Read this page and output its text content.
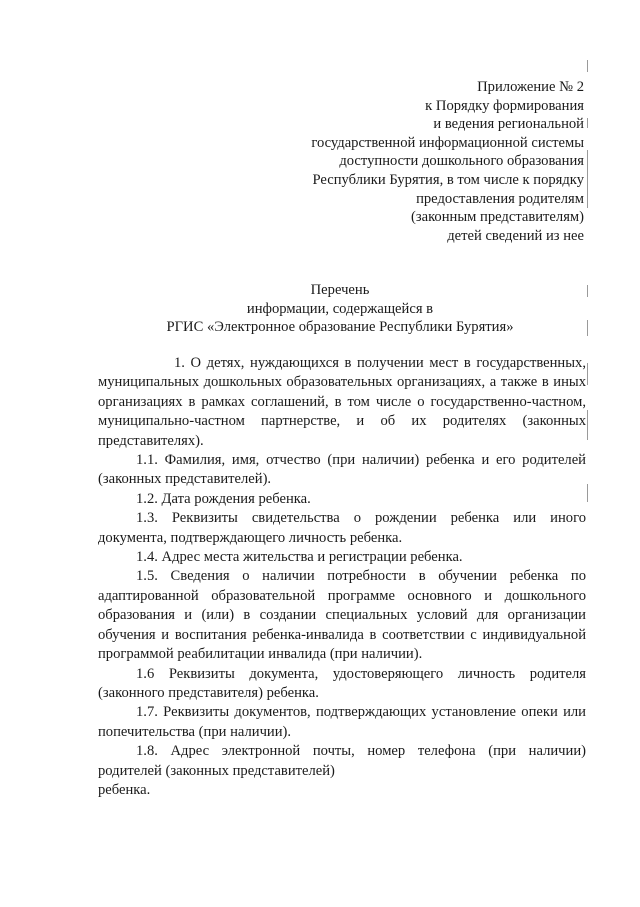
Приложение № 2
к Порядку формирования
и ведения региональной
государственной информационной системы
доступности дошкольного образования
Республики Бурятия, в том числе к порядку
предоставления родителям
(законным представителям)
детей сведений из нее
Перечень
информации, содержащейся в
РГИС «Электронное образование Республики Бурятия»

1. О детях, нуждающихся в получении мест в государственных, муниципальных дошкольных образовательных организациях, а также в иных организациях в рамках соглашений, в том числе о государственно-частном, муниципально-частном партнерстве, и об их родителях (законных представителях).

1.1. Фамилия, имя, отчество (при наличии) ребенка и его родителей (законных представителей).

1.2. Дата рождения ребенка.

1.3. Реквизиты свидетельства о рождении ребенка или иного документа, подтверждающего личность ребенка.

1.4. Адрес места жительства и регистрации ребенка.

1.5. Сведения о наличии потребности в обучении ребенка по адаптированной образовательной программе основного и дошкольного образования и (или) в создании специальных условий для организации обучения и воспитания ребенка-инвалида в соответствии с индивидуальной программой реабилитации инвалида (при наличии).

1.6 Реквизиты документа, удостоверяющего личность родителя (законного представителя) ребенка.

1.7. Реквизиты документов, подтверждающих установление опеки или попечительства (при наличии).

1.8. Адрес электронной почты, номер телефона (при наличии) родителей (законных представителей)

ребенка.
